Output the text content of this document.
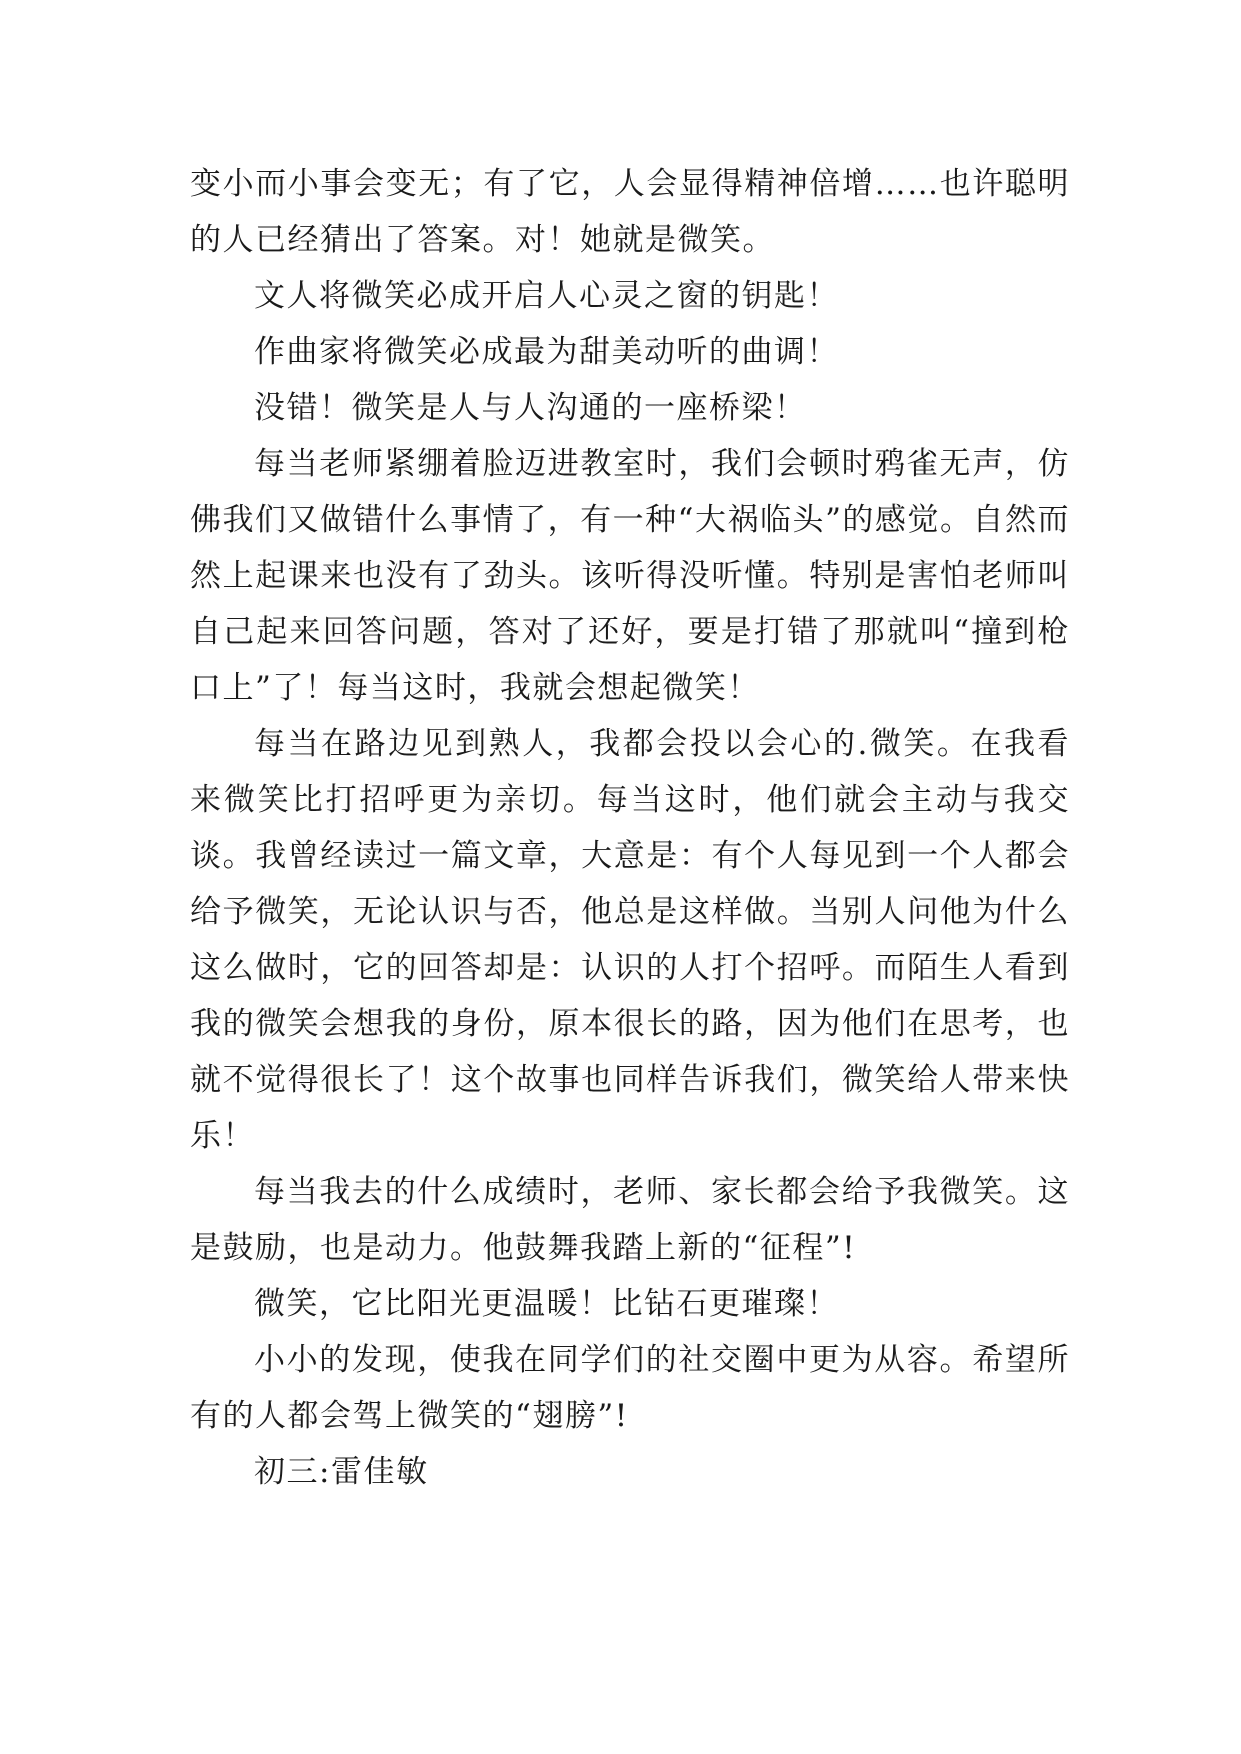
变小而小事会变无；有了它，人会显得精神倍增……也许聪明的人已经猜出了答案。对！她就是微笑。

文人将微笑必成开启人心灵之窗的钥匙！

作曲家将微笑必成最为甜美动听的曲调！

没错！微笑是人与人沟通的一座桥梁！

每当老师紧绷着脸迈进教室时，我们会顿时鸦雀无声，仿佛我们又做错什么事情了，有一种“大祸临头”的感觉。自然而然上起课来也没有了劲头。该听得没听懂。特别是害怕老师叫自己起来回答问题，答对了还好，要是打错了那就叫“撞到枪口上”了！每当这时，我就会想起微笑！

每当在路边见到熟人，我都会投以会心的.微笑。在我看来微笑比打招呼更为亲切。每当这时，他们就会主动与我交谈。我曾经读过一篇文章，大意是：有个人每见到一个人都会给予微笑，无论认识与否，他总是这样做。当别人问他为什么这么做时，它的回答却是：认识的人打个招呼。而陌生人看到我的微笑会想我的身份，原本很长的路，因为他们在思考，也就不觉得很长了！这个故事也同样告诉我们，微笑给人带来快乐！

每当我去的什么成绩时，老师、家长都会给予我微笑。这是鼓励，也是动力。他鼓舞我踏上新的“征程”!

微笑，它比阳光更温暖！比钻石更璀璨！

小小的发现，使我在同学们的社交圈中更为从容。希望所有的人都会驾上微笑的“翅膀”!

初三:雷佳敏
